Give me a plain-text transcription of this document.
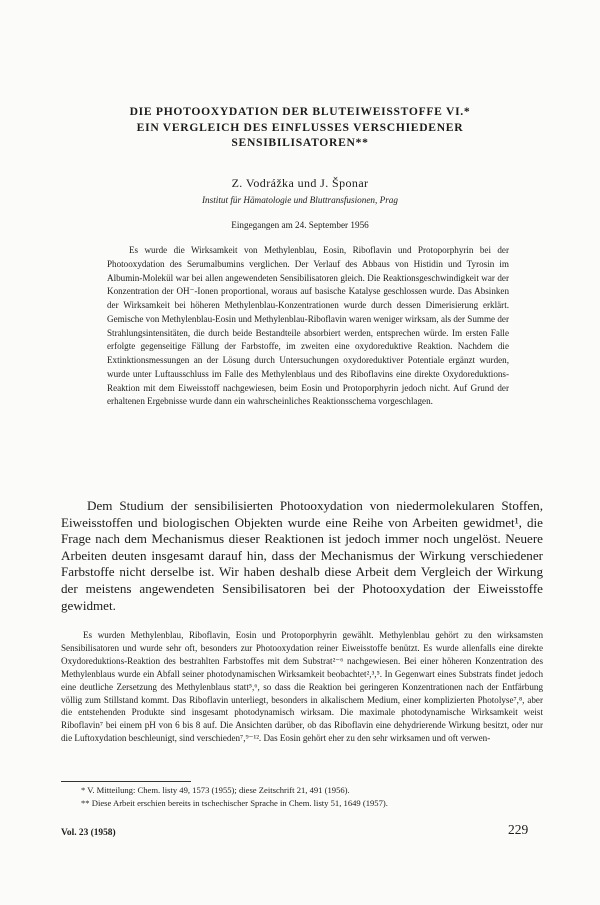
DIE PHOTOOXYDATION DER BLUTEIWEISSTOFFE VI.*
EIN VERGLEICH DES EINFLUSSES VERSCHIEDENER
SENSIBILISATOREN**
Z. Vodrážka und J. Šponar
Institut für Hämatologie und Bluttransfusionen, Prag
Eingegangen am 24. September 1956

Es wurde die Wirksamkeit von Methylenblau, Eosin, Riboflavin und Protoporphyrin bei der Photooxydation des Serumalbumins verglichen. Der Verlauf des Abbaus von Histidin und Tyrosin im Albumin-Molekül war bei allen angewendeten Sensibilisatoren gleich. Die Reaktionsgeschwindigkeit war der Konzentration der OH⁻-Ionen proportional, woraus auf basische Katalyse geschlossen wurde. Das Absinken der Wirksamkeit bei höheren Methylenblau-Konzentrationen wurde durch dessen Dimerisierung erklärt. Gemische von Methylenblau-Eosin und Methylenblau-Riboflavin waren weniger wirksam, als der Summe der Strahlungsintensitäten, die durch beide Bestandteile absorbiert werden, entsprechen würde. Im ersten Falle erfolgte gegenseitige Fällung der Farbstoffe, im zweiten eine oxydoreduktive Reaktion. Nachdem die Extinktionsmessungen an der Lösung durch Untersuchungen oxydoreduktiver Potentiale ergänzt wurden, wurde unter Luftausschluss im Falle des Methylenblaus und des Riboflavins eine direkte Oxydoreduktions-Reaktion mit dem Eiweisstoff nachgewiesen, beim Eosin und Protoporphyrin jedoch nicht. Auf Grund der erhaltenen Ergebnisse wurde dann ein wahrscheinliches Reaktionsschema vorgeschlagen.

Dem Studium der sensibilisierten Photooxydation von niedermolekularen Stoffen, Eiweisstoffen und biologischen Objekten wurde eine Reihe von Arbeiten gewidmet¹, die Frage nach dem Mechanismus dieser Reaktionen ist jedoch immer noch ungelöst. Neuere Arbeiten deuten insgesamt darauf hin, dass der Mechanismus der Wirkung verschiedener Farbstoffe nicht derselbe ist. Wir haben deshalb diese Arbeit dem Vergleich der Wirkung der meistens angewendeten Sensibilisatoren bei der Photooxydation der Eiweisstoffe gewidmet.

Es wurden Methylenblau, Riboflavin, Eosin und Protoporphyrin gewählt. Methylenblau gehört zu den wirksamsten Sensibilisatoren und wurde sehr oft, besonders zur Photooxydation reiner Eiweisstoffe benützt. Es wurde allenfalls eine direkte Oxydoreduktions-Reaktion des bestrahlten Farbstoffes mit dem Substrat²⁻⁶ nachgewiesen. Bei einer höheren Konzentration des Methylenblaus wurde ein Abfall seiner photodynamischen Wirksamkeit beobachtet²,³,⁵. In Gegenwart eines Substrats findet jedoch eine deutliche Zersetzung des Methylenblaus statt⁵,⁶, so dass die Reaktion bei geringeren Konzentrationen nach der Entfärbung völlig zum Stillstand kommt. Das Riboflavin unterliegt, besonders in alkalischem Medium, einer komplizierten Photolyse⁷,⁸, aber die entstehenden Produkte sind insgesamt photodynamisch wirksam. Die maximale photodynamische Wirksamkeit weist Riboflavin⁷ bei einem pH von 6 bis 8 auf. Die Ansichten darüber, ob das Riboflavin eine dehydrierende Wirkung besitzt, oder nur die Luftoxydation beschleunigt, sind verschieden⁷,⁹⁻¹². Das Eosin gehört eher zu den sehr wirksamen und oft verwen-

* V. Mitteilung: Chem. listy 49, 1573 (1955); diese Zeitschrift 21, 491 (1956).
** Diese Arbeit erschien bereits in tschechischer Sprache in Chem. listy 51, 1649 (1957).
Vol. 23 (1958)	229
